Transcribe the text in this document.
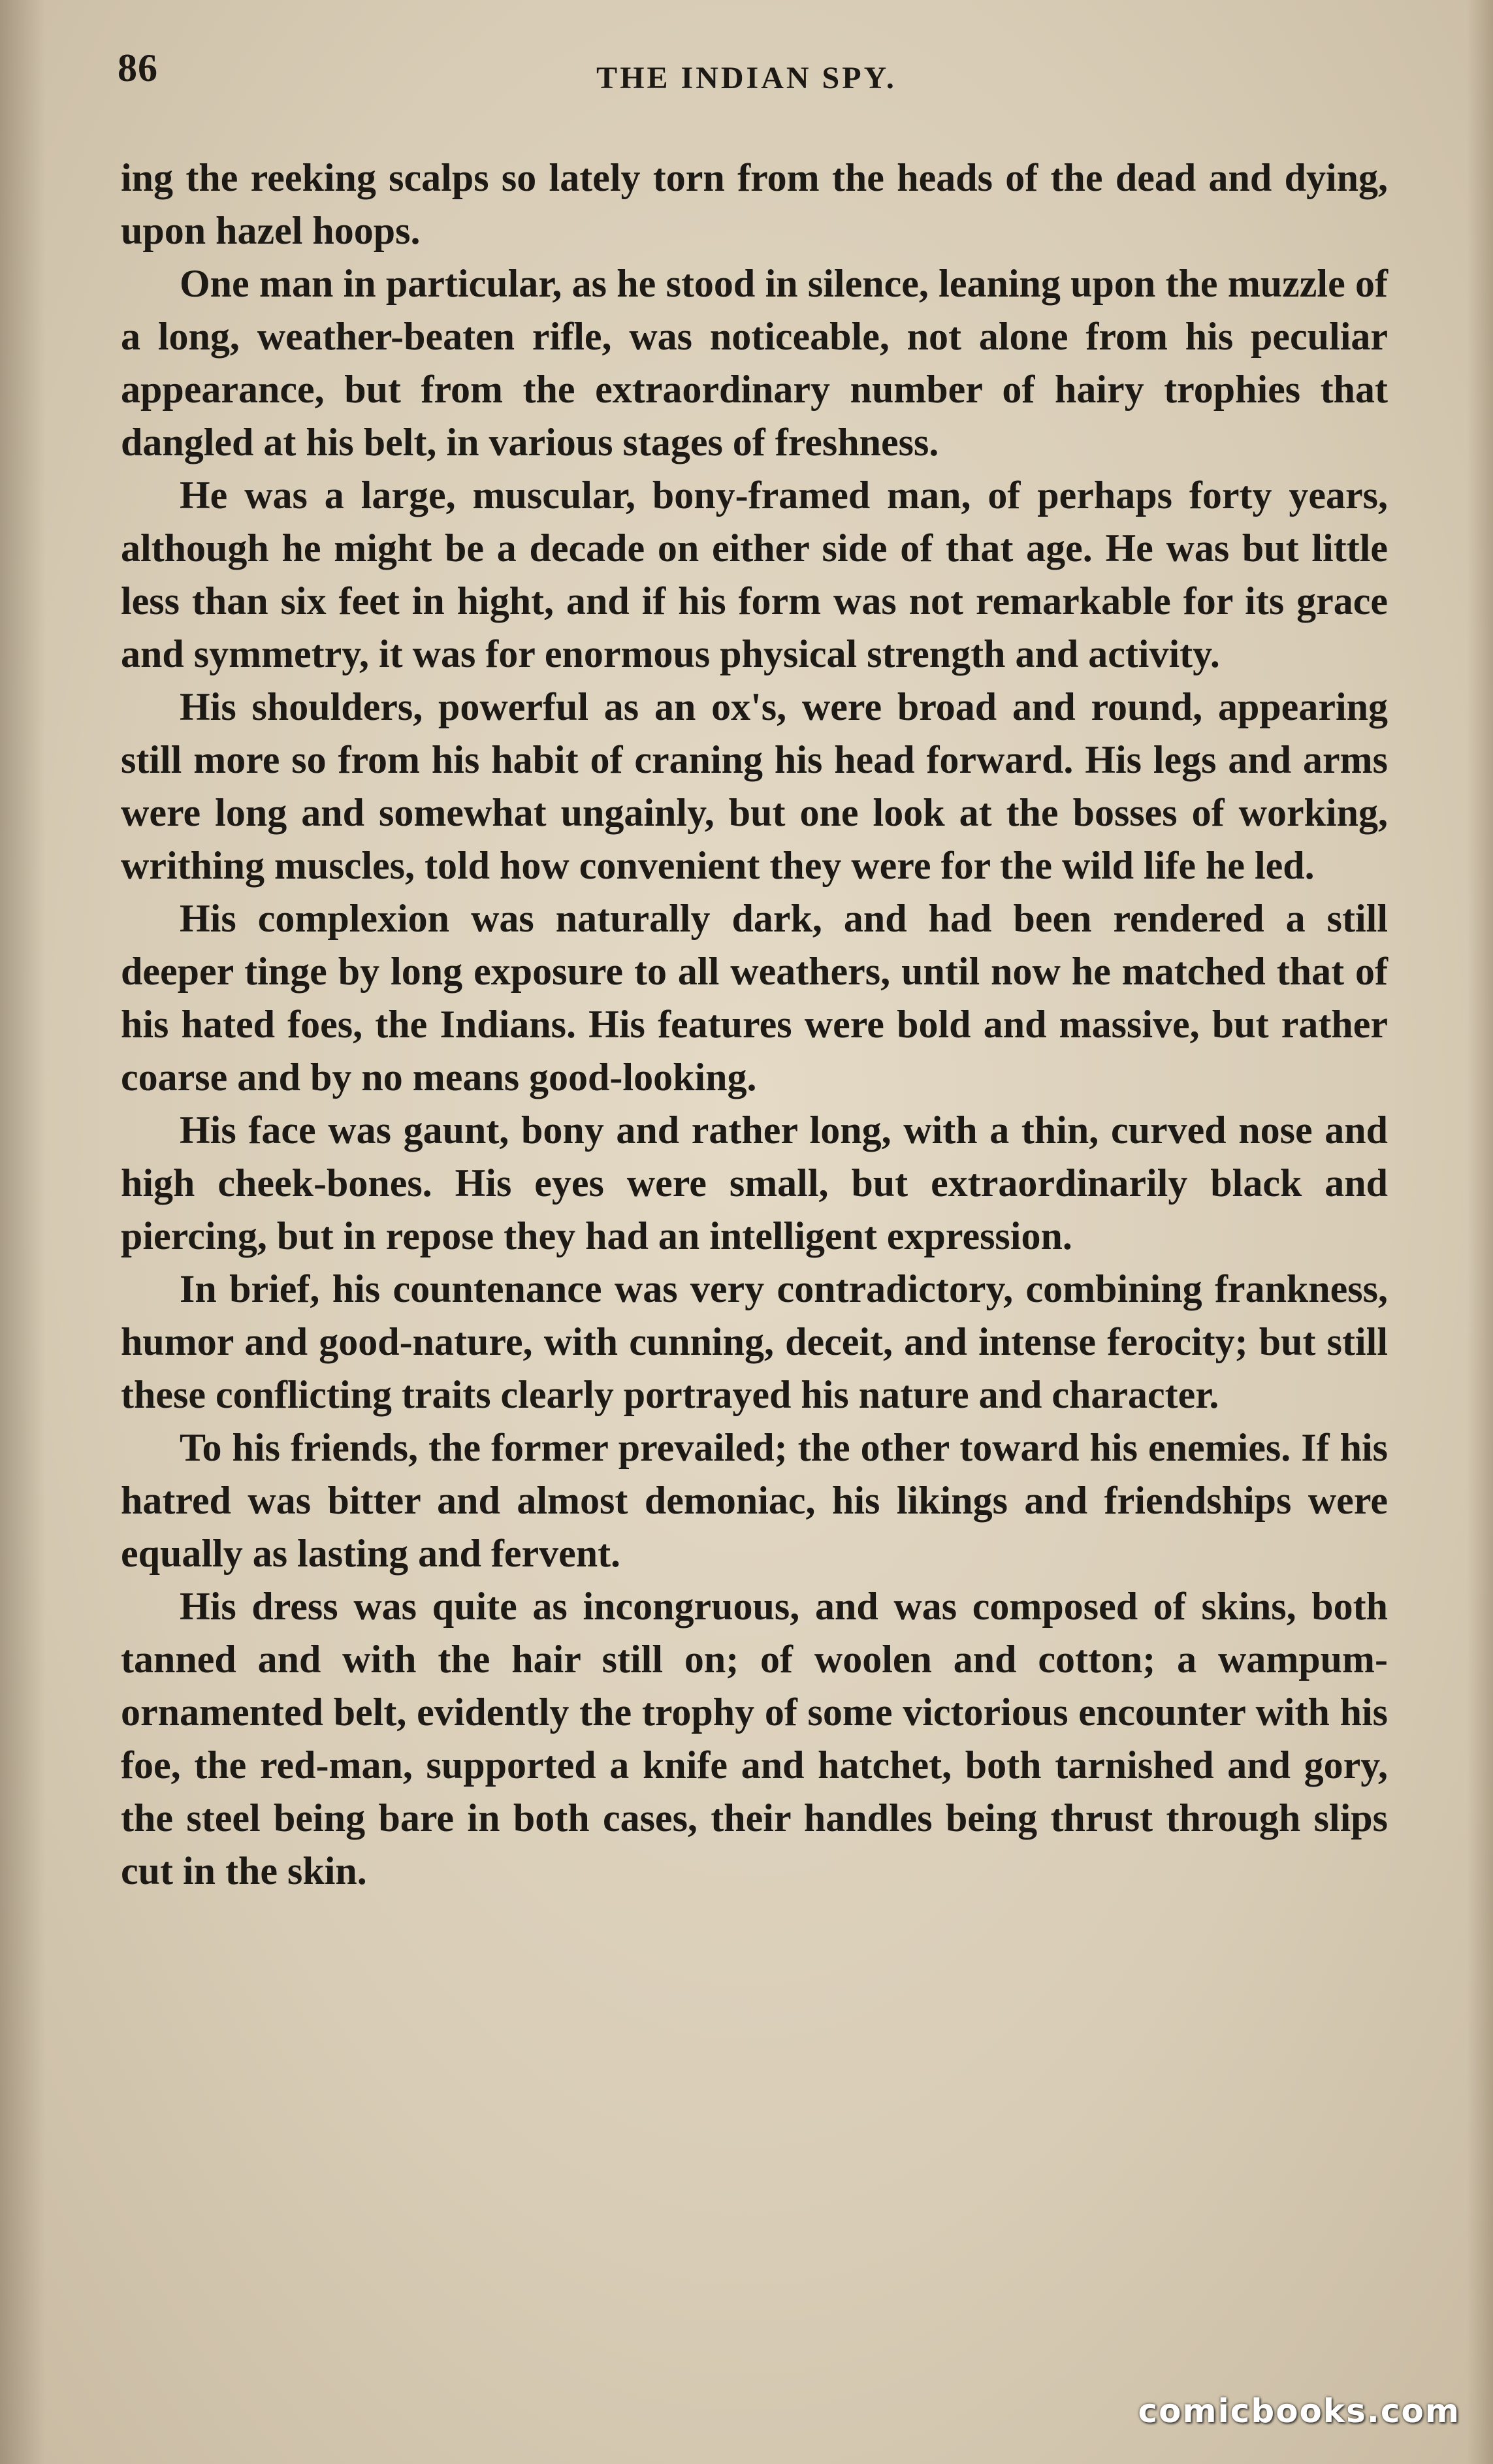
86	THE INDIAN SPY.

ing the reeking scalps so lately torn from the heads of the dead and dying, upon hazel hoops.

One man in particular, as he stood in silence, leaning upon the muzzle of a long, weather-beaten rifle, was noticeable, not alone from his peculiar appearance, but from the extraordinary number of hairy trophies that dangled at his belt, in various stages of freshness.

He was a large, muscular, bony-framed man, of perhaps forty years, although he might be a decade on either side of that age. He was but little less than six feet in hight, and if his form was not remarkable for its grace and symmetry, it was for enormous physical strength and activity.

His shoulders, powerful as an ox's, were broad and round, appearing still more so from his habit of craning his head forward. His legs and arms were long and somewhat ungainly, but one look at the bosses of working, writhing muscles, told how convenient they were for the wild life he led.

His complexion was naturally dark, and had been rendered a still deeper tinge by long exposure to all weathers, until now he matched that of his hated foes, the Indians. His features were bold and massive, but rather coarse and by no means good-looking.

His face was gaunt, bony and rather long, with a thin, curved nose and high cheek-bones. His eyes were small, but extraordinarily black and piercing, but in repose they had an intelligent expression.

In brief, his countenance was very contradictory, combining frankness, humor and good-nature, with cunning, deceit, and intense ferocity; but still these conflicting traits clearly portrayed his nature and character.

To his friends, the former prevailed; the other toward his enemies. If his hatred was bitter and almost demoniac, his likings and friendships were equally as lasting and fervent.

His dress was quite as incongruous, and was composed of skins, both tanned and with the hair still on; of woolen and cotton; a wampum-ornamented belt, evidently the trophy of some victorious encounter with his foe, the red-man, supported a knife and hatchet, both tarnished and gory, the steel being bare in both cases, their handles being thrust through slips cut in the skin.

comicbooks.com
